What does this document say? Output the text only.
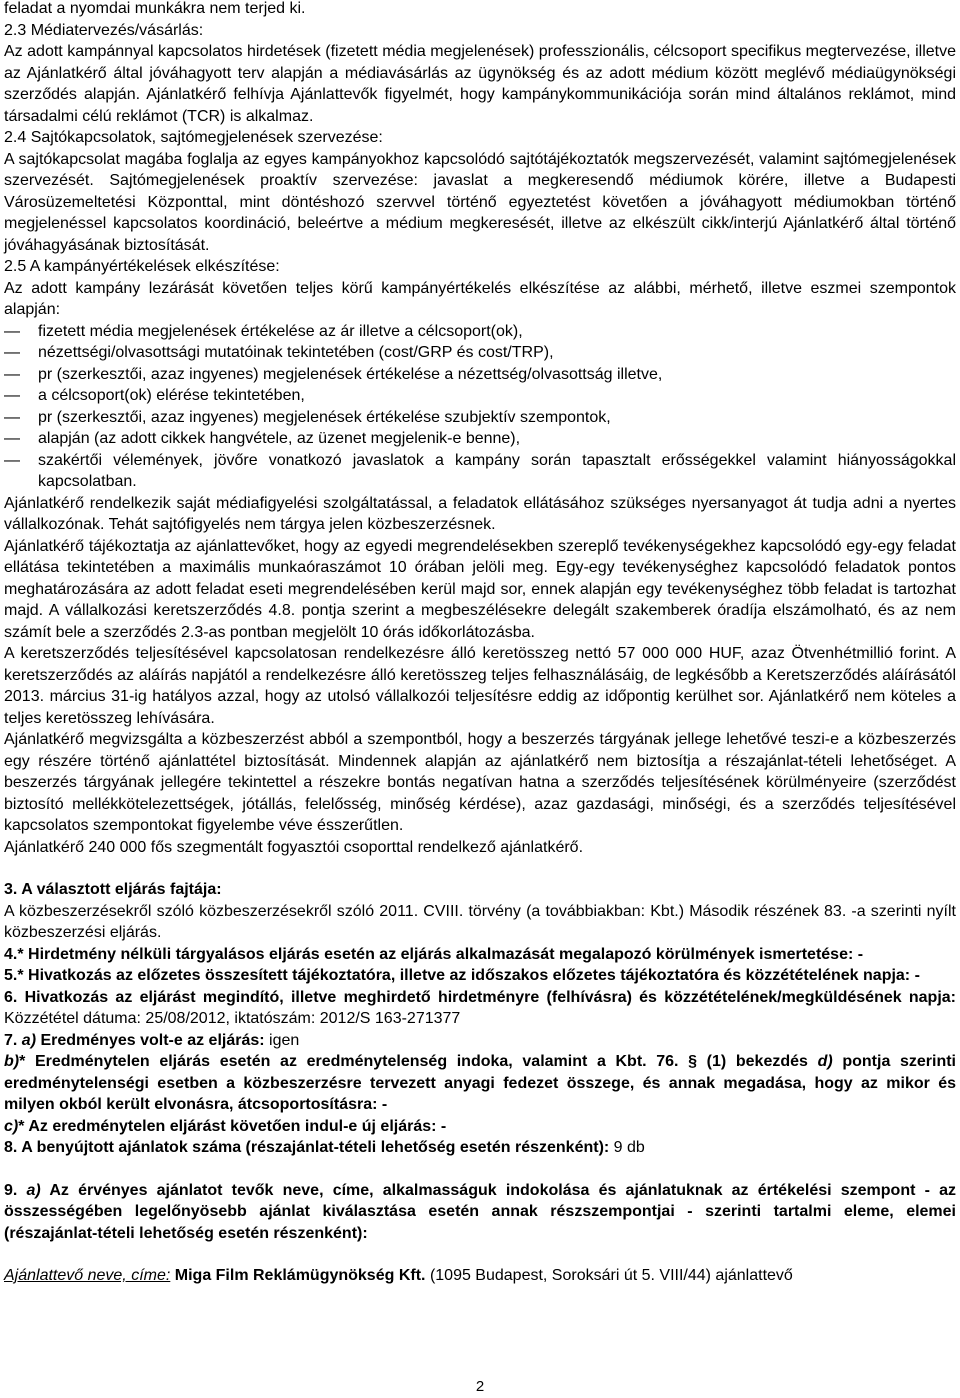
feladat a nyomdai munkákra nem terjed ki.

2.3 Médiatervezés/vásárlás:

Az adott kampánnyal kapcsolatos hirdetések (fizetett média megjelenések) professzionális, célcsoport specifikus megtervezése, illetve az Ajánlatkérő által jóváhagyott terv alapján a médiavásárlás az ügynökség és az adott médium között meglévő médiaügynökségi szerződés alapján. Ajánlatkérő felhívja Ajánlattevők figyelmét, hogy kampánykommunikációja során mind általános reklámot, mind társadalmi célú reklámot (TCR) is alkalmaz.

2.4 Sajtókapcsolatok, sajtómegjelenések szervezése:

A sajtókapcsolat magába foglalja az egyes kampányokhoz kapcsolódó sajtótájékoztatók megszervezését, valamint sajtómegjelenések szervezését. Sajtómegjelenések proaktív szervezése: javaslat a megkeresendő médiumok körére, illetve a Budapesti Városüzemeltetési Központtal, mint döntéshozó szervvel történő egyeztetést követően a jóváhagyott médiumokban történő megjelenéssel kapcsolatos koordináció, beleértve a médium megkeresését, illetve az elkészült cikk/interjú Ajánlatkérő által történő jóváhagyásának biztosítását.

2.5 A kampányértékelések elkészítése:

Az adott kampány lezárását követően teljes körű kampányértékelés elkészítése az alábbi, mérhető, illetve eszmei szempontok alapján:

—	fizetett média megjelenések értékelése az ár illetve a célcsoport(ok),
—	nézettségi/olvasottsági mutatóinak tekintetében (cost/GRP és cost/TRP),
—	pr (szerkesztői, azaz ingyenes) megjelenések értékelése a nézettség/olvasottság illetve,
—	a célcsoport(ok) elérése tekintetében,
—	pr (szerkesztői, azaz ingyenes) megjelenések értékelése szubjektív szempontok,
—	alapján (az adott cikkek hangvétele, az üzenet megjelenik-e benne),
—	szakértői vélemények, jövőre vonatkozó javaslatok a kampány során tapasztalt erősségekkel valamint hiányosságokkal kapcsolatban.

Ajánlatkérő rendelkezik saját médiafigyelési szolgáltatással, a feladatok ellátásához szükséges nyersanyagot át tudja adni a nyertes vállalkozónak. Tehát sajtófigyelés nem tárgya jelen közbeszerzésnek.

Ajánlatkérő tájékoztatja az ajánlattevőket, hogy az egyedi megrendelésekben szereplő tevékenységekhez kapcsolódó egy-egy feladat ellátása tekintetében a maximális munkaóraszámot 10 órában jelöli meg. Egy-egy tevékenységhez kapcsolódó feladatok pontos meghatározására az adott feladat eseti megrendelésében kerül majd sor, ennek alapján egy tevékenységhez több feladat is tartozhat majd. A vállalkozási keretszerződés 4.8. pontja szerint a megbeszélésekre delegált szakemberek óradíja elszámolható, és az nem számít bele a szerződés 2.3-as pontban megjelölt 10 órás időkorlátozásba.

A keretszerződés teljesítésével kapcsolatosan rendelkezésre álló keretösszeg nettó 57 000 000 HUF, azaz Ötvenhétmillió forint. A keretszerződés az aláírás napjától a rendelkezésre álló keretösszeg teljes felhasználásáig, de legkésőbb a Keretszerződés aláírásától 2013. március 31-ig hatályos azzal, hogy az utolsó vállalkozói teljesítésre eddig az időpontig kerülhet sor. Ajánlatkérő nem köteles a teljes keretösszeg lehívására.

Ajánlatkérő megvizsgálta a közbeszerzést abból a szempontból, hogy a beszerzés tárgyának jellege lehetővé teszi-e a közbeszerzés egy részére történő ajánlattétel biztosítását. Mindennek alapján az ajánlatkérő nem biztosítja a részajánlat-tételi lehetőséget. A beszerzés tárgyának jellegére tekintettel a részekre bontás negatívan hatna a szerződés teljesítésének körülményeire (szerződést biztosító mellékkötelezettségek, jótállás, felelősség, minőség kérdése), azaz gazdasági, minőségi, és a szerződés teljesítésével kapcsolatos szempontokat figyelembe véve ésszerűtlen.

Ajánlatkérő 240 000 fős szegmentált fogyasztói csoporttal rendelkező ajánlatkérő.

3. A választott eljárás fajtája:

A közbeszerzésekről szóló közbeszerzésekről szóló 2011. CVIII. törvény (a továbbiakban: Kbt.) Második részének 83. -a szerinti nyílt közbeszerzési eljárás.

4.* Hirdetmény nélküli tárgyalásos eljárás esetén az eljárás alkalmazását megalapozó körülmények ismertetése: -

5.* Hivatkozás az előzetes összesített tájékoztatóra, illetve az időszakos előzetes tájékoztatóra és közzétételének napja: -

6. Hivatkozás az eljárást megindító, illetve meghirdető hirdetményre (felhívásra) és közzétételének/megküldésének napja: Közzététel dátuma: 25/08/2012, iktatószám: 2012/S 163-271377

7. a) Eredményes volt-e az eljárás: igen

b)* Eredménytelen eljárás esetén az eredménytelenség indoka, valamint a Kbt. 76. § (1) bekezdés d) pontja szerinti eredménytelenségi esetben a közbeszerzésre tervezett anyagi fedezet összege, és annak megadása, hogy az mikor és milyen okból került elvonásra, átcsoportosításra: -

c)* Az eredménytelen eljárást követően indul-e új eljárás: -

8. A benyújtott ajánlatok száma (részajánlat-tételi lehetőség esetén részenként): 9 db

9. a) Az érvényes ajánlatot tevők neve, címe, alkalmasságuk indokolása és ajánlatuknak az értékelési szempont - az összességében legelőnyösebb ajánlat kiválasztása esetén annak részszempontjai - szerinti tartalmi eleme, elemei (részajánlat-tételi lehetőség esetén részenként):

Ajánlattevő neve, címe: Miga Film Reklámügynökség Kft. (1095 Budapest, Soroksári út 5. VIII/44) ajánlattevő

2
